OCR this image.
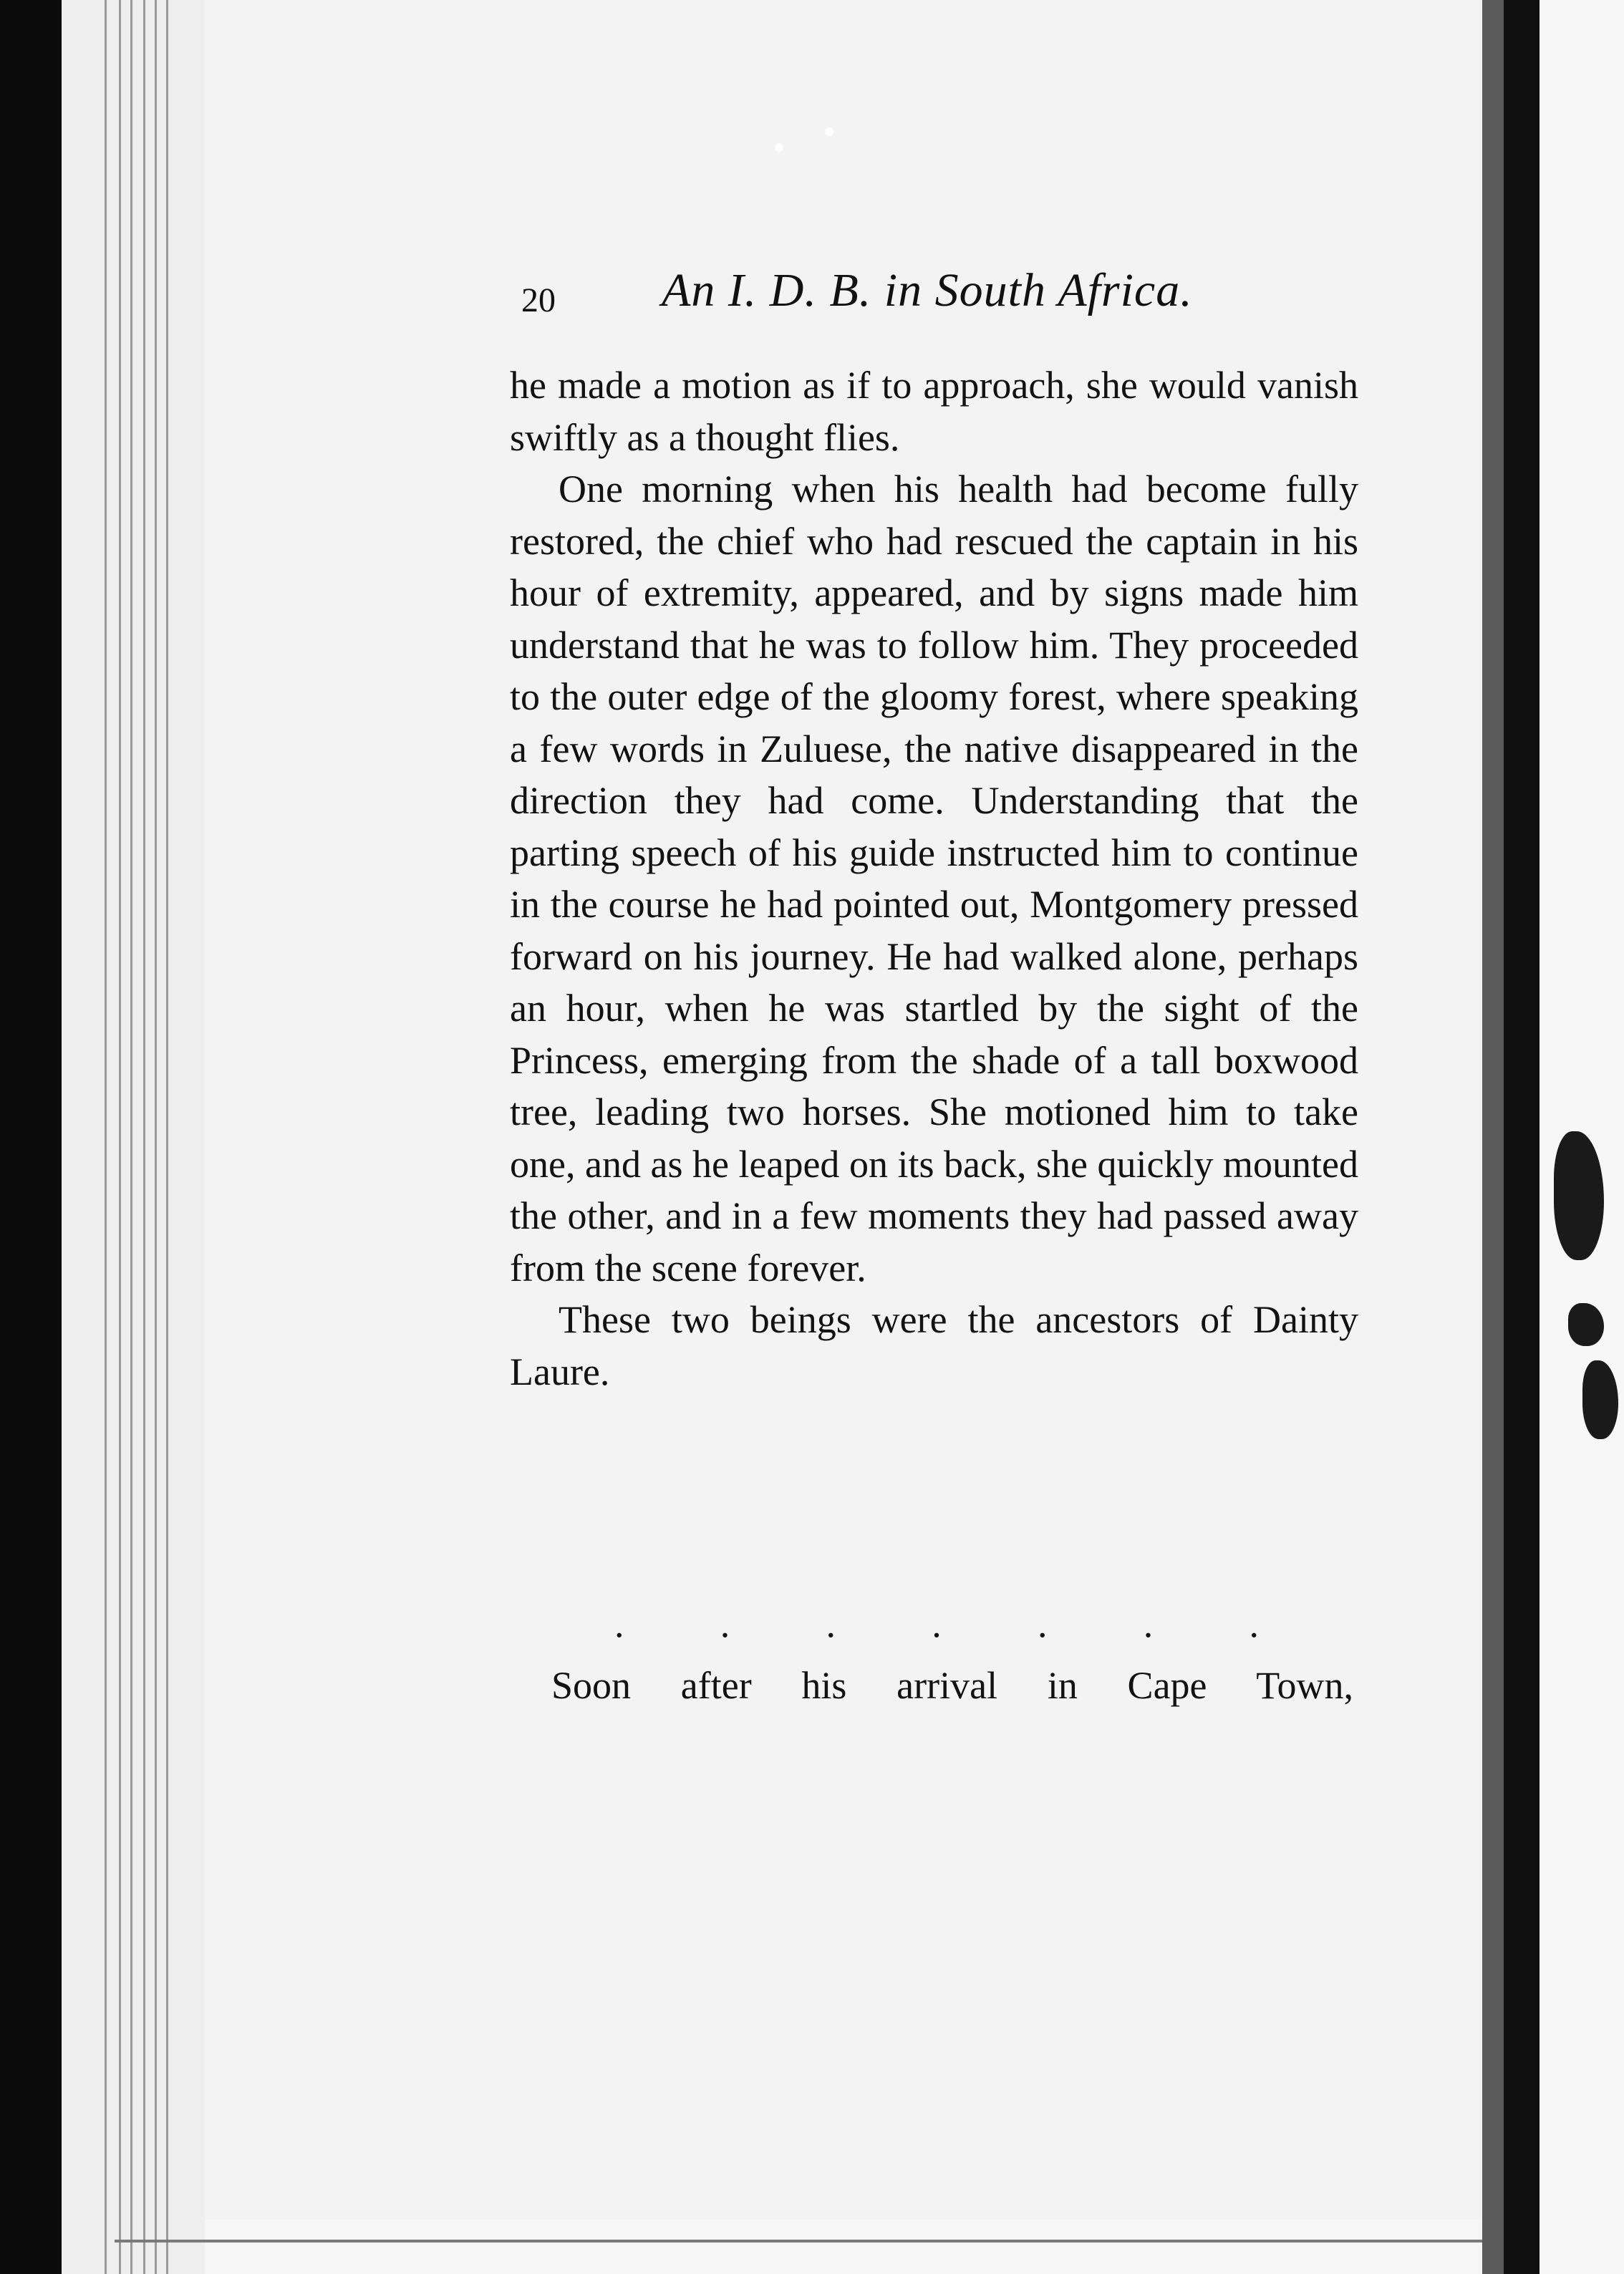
20 An I. D. B. in South Africa.

he made a motion as if to approach, she would vanish swiftly as a thought flies.

One morning when his health had become fully restored, the chief who had rescued the captain in his hour of extremity, appeared, and by signs made him understand that he was to follow him. They proceeded to the outer edge of the gloomy forest, where speaking a few words in Zuluese, the native disappeared in the direction they had come. Understanding that the parting speech of his guide instructed him to continue in the course he had pointed out, Montgomery pressed forward on his journey. He had walked alone, perhaps an hour, when he was startled by the sight of the Princess, emerging from the shade of a tall boxwood tree, leading two horses. She motioned him to take one, and as he leaped on its back, she quickly mounted the other, and in a few moments they had passed away from the scene forever.

These two beings were the ancestors of Dainty Laure.

. . . . . . .
Soon after his arrival in Cape Town,
